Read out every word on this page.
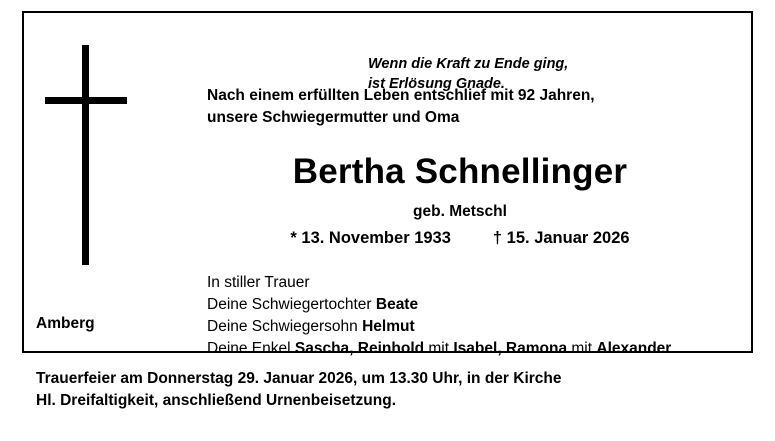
Wenn die Kraft zu Ende ging,
ist Erlösung Gnade.
Nach einem erfüllten Leben entschlief mit 92 Jahren,
unsere Schwiegermutter und Oma
Bertha Schnellinger
geb. Metschl
* 13. November 1933	† 15. Januar 2026
In stiller Trauer
Deine Schwiegertochter Beate
Deine Schwiegersohn Helmut
Deine Enkel Sascha, Reinhold mit Isabel, Ramona mit Alexander
Amberg
Trauerfeier am Donnerstag 29. Januar 2026, um 13.30 Uhr, in der Kirche
Hl. Dreifaltigkeit, anschließend Urnenbeisetzung.
